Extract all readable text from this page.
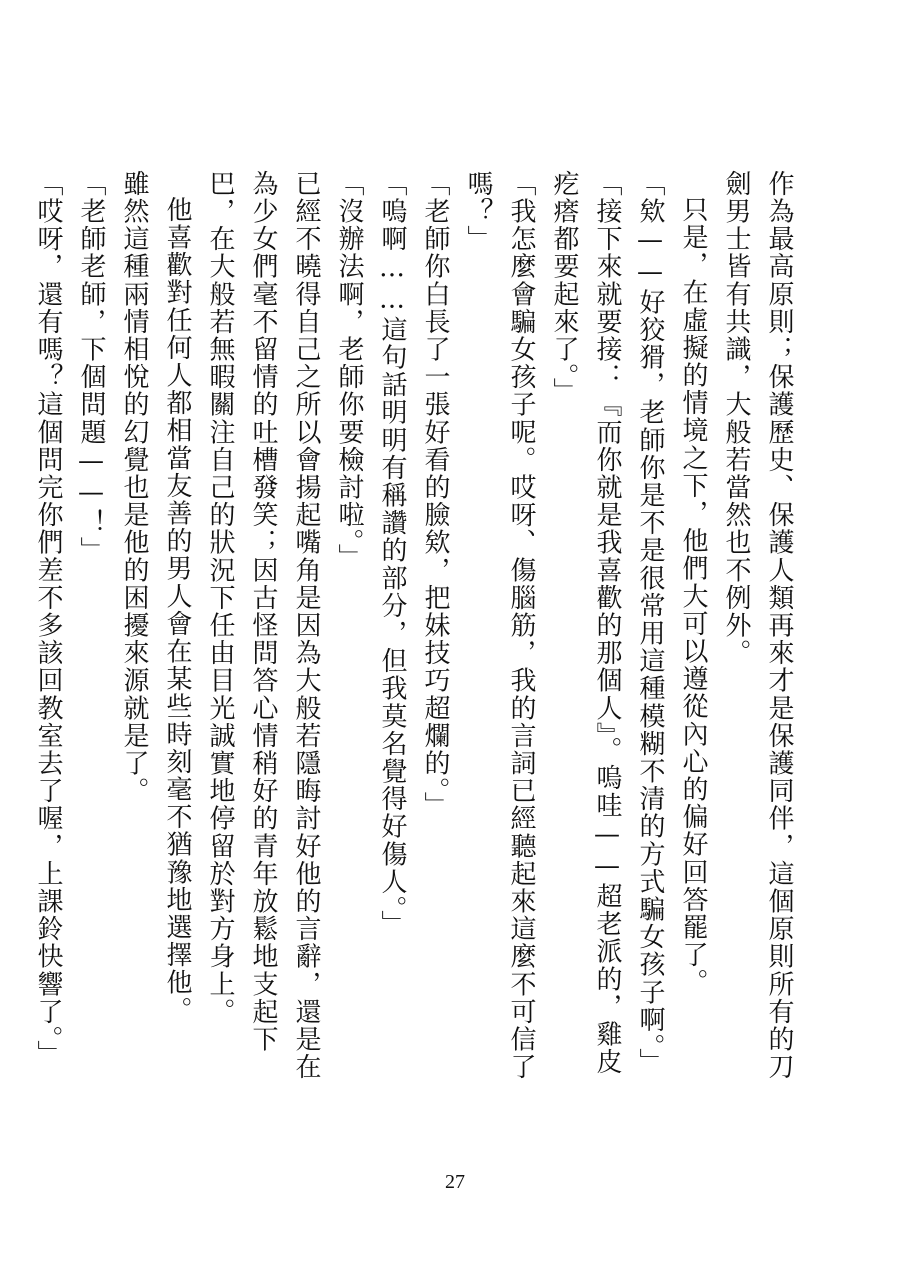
作為最高原則；保護歷史、保護人類再來才是保護同伴，這個原則所有的刀劍男士皆有共識，大般若當然也不例外。

只是，在虛擬的情境之下，他們大可以遵從內心的偏好回答罷了。

「欸——好狡猾，老師你是不是很常用這種模糊不清的方式騙女孩子啊。」

「接下來就要接：『而你就是我喜歡的那個人』。嗚哇——超老派的，雞皮疙瘩都要起來了。」

「我怎麼會騙女孩子呢。哎呀、傷腦筋，我的言詞已經聽起來這麼不可信了嗎？」

「老師你白長了一張好看的臉欸，把妹技巧超爛的。」

「嗚啊……這句話明明有稱讚的部分，但我莫名覺得好傷人。」

「沒辦法啊，老師你要檢討啦。」

已經不曉得自己之所以會揚起嘴角是因為大般若隱晦討好他的言辭，還是在為少女們毫不留情的吐槽發笑；因古怪問答心情稍好的青年放鬆地支起下巴，在大般若無暇關注自己的狀況下任由目光誠實地停留於對方身上。

他喜歡對任何人都相當友善的男人會在某些時刻毫不猶豫地選擇他。

雖然這種兩情相悅的幻覺也是他的困擾來源就是了。

「老師老師，下個問題——！」

「哎呀，還有嗎？這個問完你們差不多該回教室去了喔，上課鈴快響了。」

27
